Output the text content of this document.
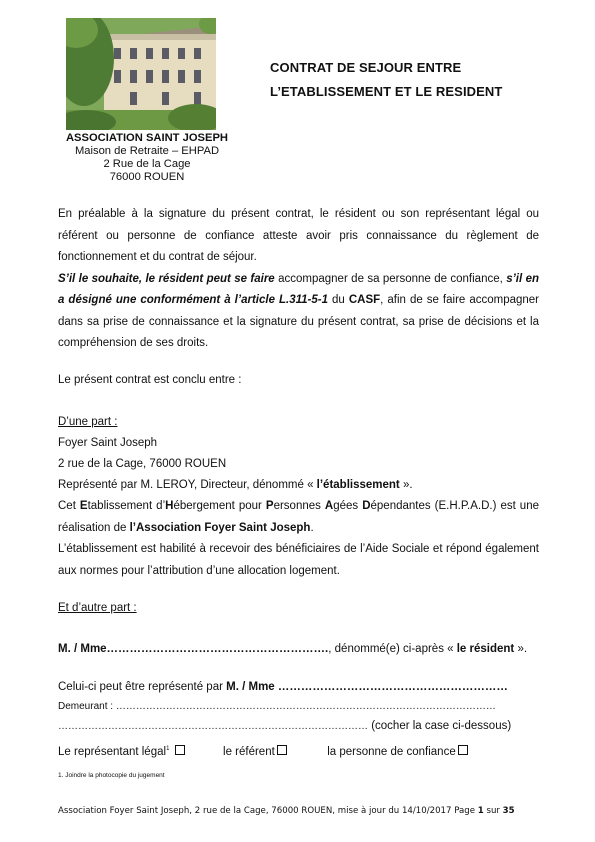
ASSOCIATION SAINT JOSEPH
Maison de Retraite – EHPAD
2 Rue de la Cage
76000 ROUEN
CONTRAT DE SEJOUR ENTRE
L’ETABLISSEMENT ET LE RESIDENT
En préalable à la signature du présent contrat, le résident ou son représentant légal ou référent ou personne de confiance atteste avoir pris connaissance du règlement de fonctionnement et du contrat de séjour.
S’il le souhaite, le résident peut se faire accompagner de sa personne de confiance, s’il en a désigné une conformément à l’article L.311-5-1 du CASF, afin de se faire accompagner dans sa prise de connaissance et la signature du présent contrat, sa prise de décisions et la compréhension de ses droits.
Le présent contrat est conclu entre :
D’une part :
Foyer Saint Joseph
2 rue de la Cage, 76000 ROUEN
Représenté par M. LEROY, Directeur, dénommé « l’établissement ».
Cet Etablissement d’Hébergement pour Personnes Agées Dépendantes (E.H.P.A.D.) est une réalisation de l’Association Foyer Saint Joseph.
L’établissement est habilité à recevoir des bénéficiaires de l’Aide Sociale et répond également aux normes pour l’attribution d’une allocation logement.
Et d’autre part :
M. / Mme…………………………………………………., dénommé(e) ci-après « le résident ».
Celui-ci peut être représenté par M. / Mme ……………………………………………………
Demeurant : ……………………………………………………………………………………………………
………………………………………………………………………………… (cocher la case ci-dessous)
Le représentant légal$^1$	le référent	la personne de confiance
1. Joindre la photocopie du jugement
Association Foyer Saint Joseph, 2 rue de la Cage, 76000 ROUEN, mise à jour du 14/10/2017 Page 1 sur 35
